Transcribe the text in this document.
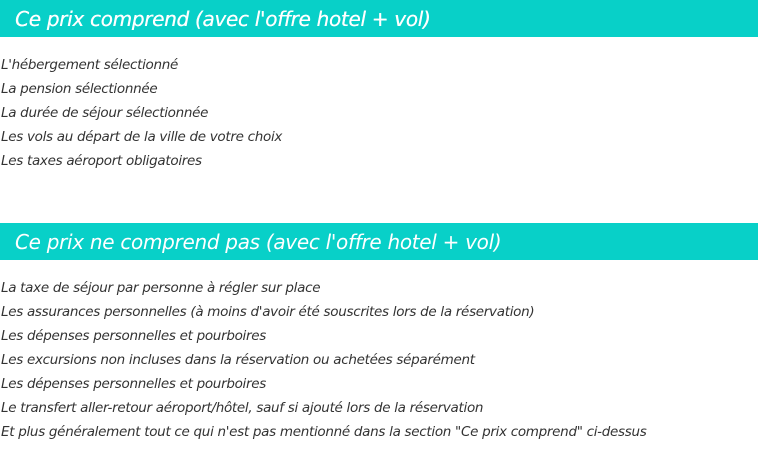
Ce prix comprend (avec l'offre hotel + vol)
L'hébergement sélectionné
La pension sélectionnée
La durée de séjour sélectionnée
Les vols au départ de la ville de votre choix
Les taxes aéroport obligatoires
Ce prix ne comprend pas (avec l'offre hotel + vol)
La taxe de séjour par personne à régler sur place
Les assurances personnelles (à moins d'avoir été souscrites lors de la réservation)
Les dépenses personnelles et pourboires
Les excursions non incluses dans la réservation ou achetées séparément
Les dépenses personnelles et pourboires
Le transfert aller-retour aéroport/hôtel, sauf si ajouté lors de la réservation
Et plus généralement tout ce qui n'est pas mentionné dans la section "Ce prix comprend" ci-dessus
